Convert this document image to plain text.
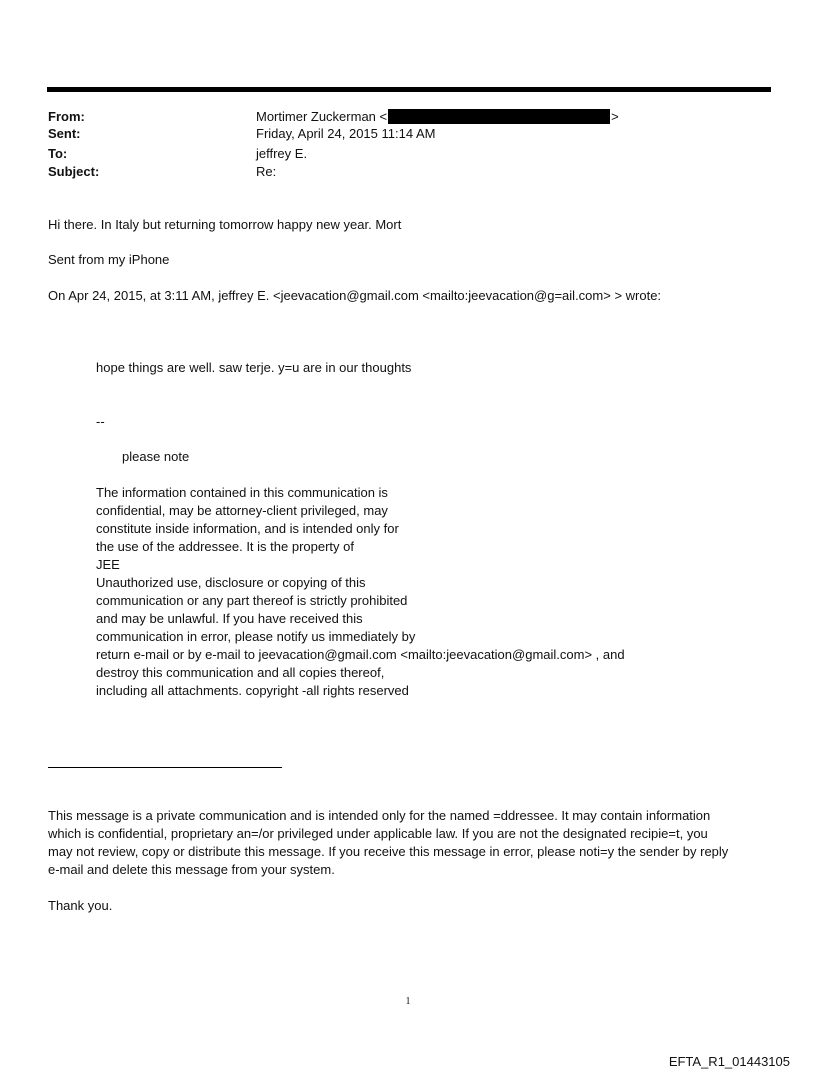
From:	Mortimer Zuckerman <	>
Sent:	Friday, April 24, 2015 11:14 AM
To:	jeffrey E.
Subject:	Re:
Hi there. In Italy but returning tomorrow happy new year. Mort
Sent from my iPhone
On Apr 24, 2015, at 3:11 AM, jeffrey E. <jeevacation@gmail.com <mailto:jeevacation@g=ail.com> > wrote:
hope things are well. saw terje. y=u are in our thoughts
--
please note
The information contained in this communication is
confidential, may be attorney-client privileged, may
constitute inside information, and is intended only for
the use of the addressee. It is the property of
JEE
Unauthorized use, disclosure or copying of this
communication or any part thereof is strictly prohibited
and may be unlawful. If you have received this
communication in error, please notify us immediately by
return e-mail or by e-mail to jeevacation@gmail.com <mailto:jeevacation@gmail.com> , and
destroy this communication and all copies thereof,
including all attachments. copyright -all rights reserved
This message is a private communication and is intended only for the named =ddressee. It may contain information
which is confidential, proprietary an=/or privileged under applicable law. If you are not the designated recipie=t, you
may not review, copy or distribute this message. If you receive this message in error, please noti=y the sender by reply
e-mail and delete this message from your system.
Thank you.
1
EFTA_R1_01443105
